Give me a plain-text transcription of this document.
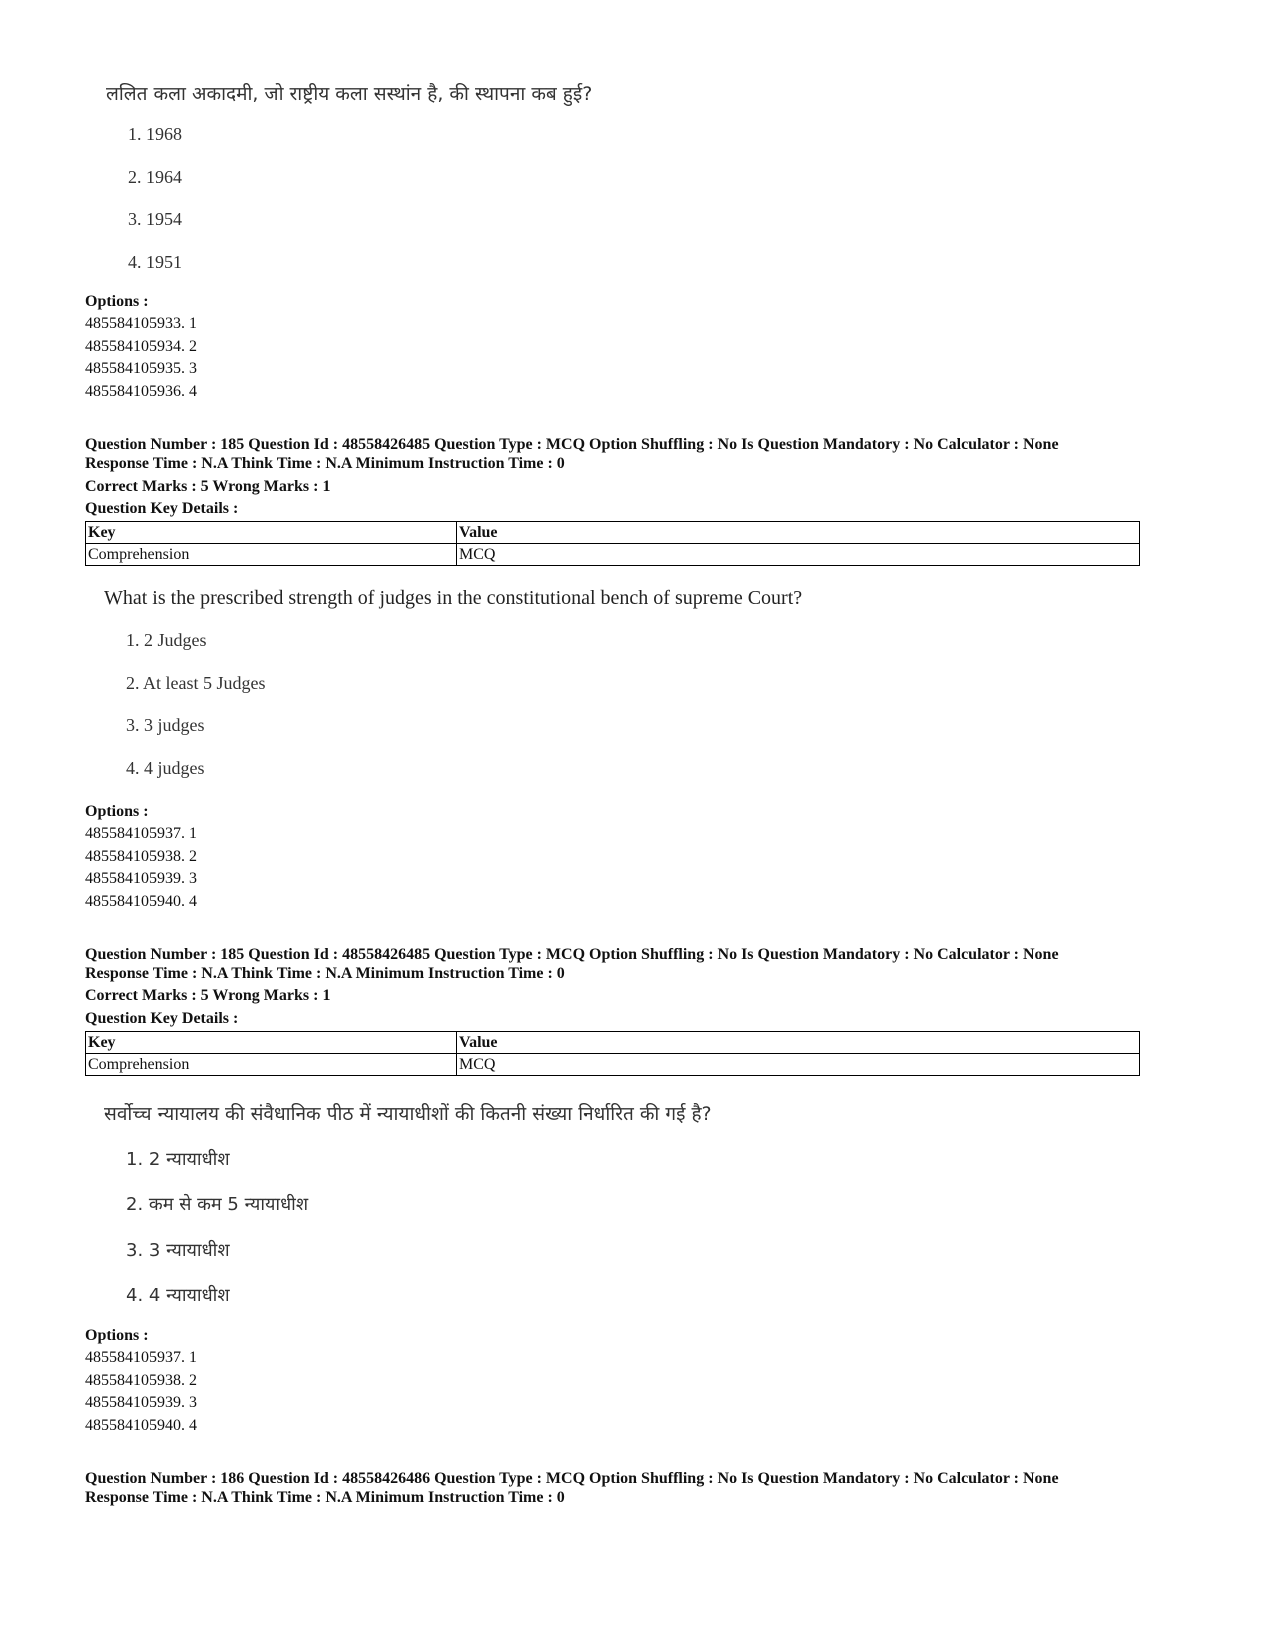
ललित कला अकादमी, जो राष्ट्रीय कला सस्थांन है, की स्थापना कब हुई?
1. 1968
2. 1964
3. 1954
4. 1951
Options :
485584105933. 1
485584105934. 2
485584105935. 3
485584105936. 4
Question Number : 185 Question Id : 48558426485 Question Type : MCQ Option Shuffling : No Is Question Mandatory : No Calculator : None
Response Time : N.A Think Time : N.A Minimum Instruction Time : 0
Correct Marks : 5 Wrong Marks : 1
Question Key Details :
Key	Value
Comprehension	MCQ
What is the prescribed strength of judges in the constitutional bench of supreme Court?
1. 2 Judges
2. At least 5 Judges
3. 3 judges
4. 4 judges
Options :
485584105937. 1
485584105938. 2
485584105939. 3
485584105940. 4
Question Number : 185 Question Id : 48558426485 Question Type : MCQ Option Shuffling : No Is Question Mandatory : No Calculator : None
Response Time : N.A Think Time : N.A Minimum Instruction Time : 0
Correct Marks : 5 Wrong Marks : 1
Question Key Details :
Key	Value
Comprehension	MCQ
सर्वोच्च न्यायालय की संवैधानिक पीठ में न्यायाधीशों की कितनी संख्या निर्धारित की गई है?
1. 2 न्यायाधीश
2. कम से कम 5 न्यायाधीश
3. 3 न्यायाधीश
4. 4 न्यायाधीश
Options :
485584105937. 1
485584105938. 2
485584105939. 3
485584105940. 4
Question Number : 186 Question Id : 48558426486 Question Type : MCQ Option Shuffling : No Is Question Mandatory : No Calculator : None
Response Time : N.A Think Time : N.A Minimum Instruction Time : 0
